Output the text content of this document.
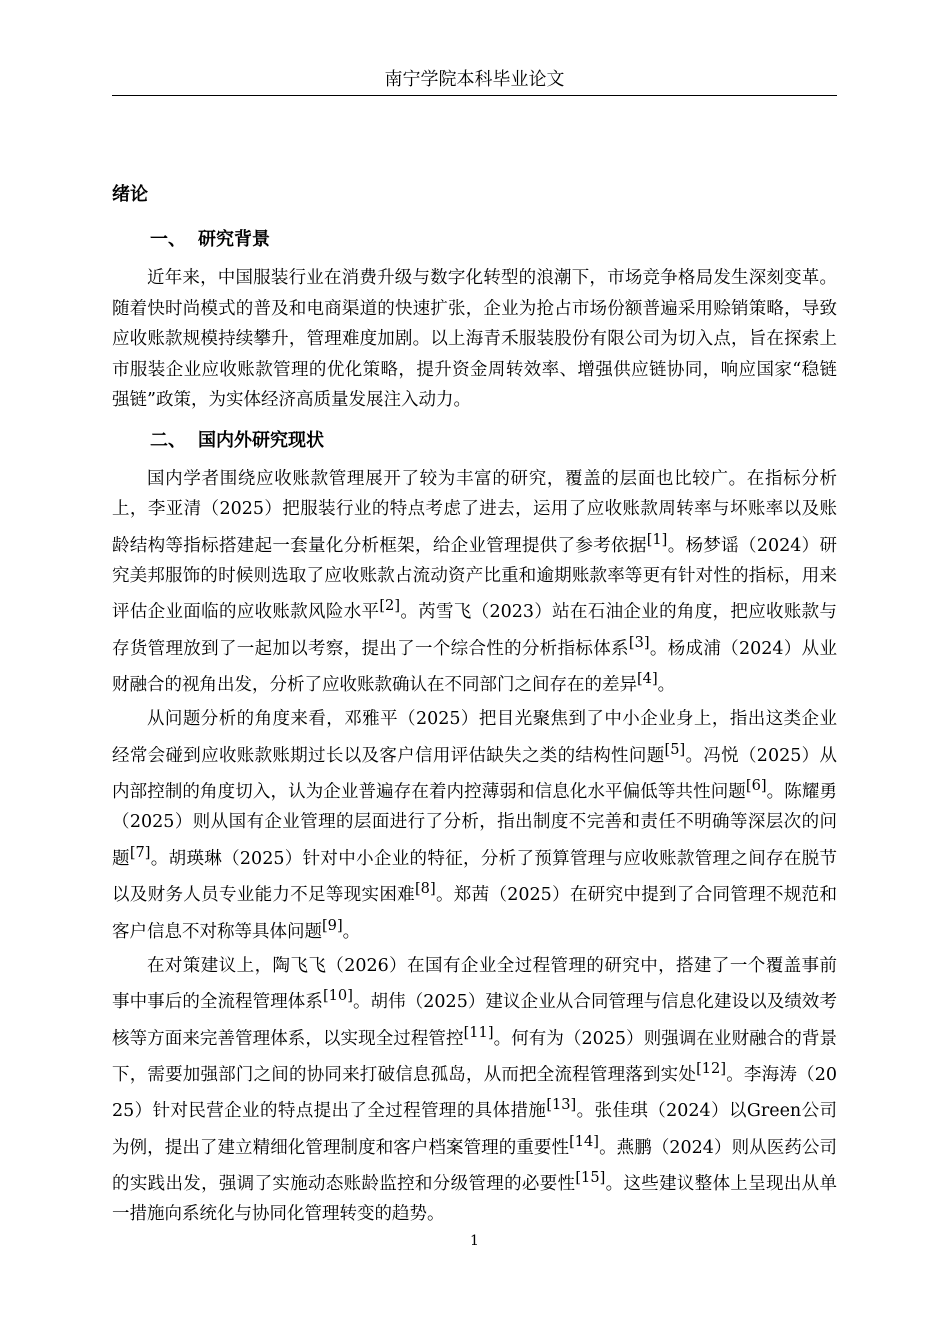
南宁学院本科毕业论文
绪论
一、 研究背景

近年来，中国服装行业在消费升级与数字化转型的浪潮下，市场竞争格局发生深刻变革。随着快时尚模式的普及和电商渠道的快速扩张，企业为抢占市场份额普遍采用赊销策略，导致应收账款规模持续攀升，管理难度加剧。以上海青禾服装股份有限公司为切入点，旨在探索上市服装企业应收账款管理的优化策略，提升资金周转效率、增强供应链协同，响应国家“稳链强链”政策，为实体经济高质量发展注入动力。

二、 国内外研究现状

国内学者围绕应收账款管理展开了较为丰富的研究，覆盖的层面也比较广。在指标分析上，李亚清（2025）把服装行业的特点考虑了进去，运用了应收账款周转率与坏账率以及账龄结构等指标搭建起一套量化分析框架，给企业管理提供了参考依据[1]。杨梦谣（2024）研究美邦服饰的时候则选取了应收账款占流动资产比重和逾期账款率等更有针对性的指标，用来评估企业面临的应收账款风险水平[2]。芮雪飞（2023）站在石油企业的角度，把应收账款与存货管理放到了一起加以考察，提出了一个综合性的分析指标体系[3]。杨成浦（2024）从业财融合的视角出发，分析了应收账款确认在不同部门之间存在的差异[4]。

从问题分析的角度来看，邓雅平（2025）把目光聚焦到了中小企业身上，指出这类企业经常会碰到应收账款账期过长以及客户信用评估缺失之类的结构性问题[5]。冯悦（2025）从内部控制的角度切入，认为企业普遍存在着内控薄弱和信息化水平偏低等共性问题[6]。陈耀勇（2025）则从国有企业管理的层面进行了分析，指出制度不完善和责任不明确等深层次的问题[7]。胡瑛琳（2025）针对中小企业的特征，分析了预算管理与应收账款管理之间存在脱节以及财务人员专业能力不足等现实困难[8]。郑茜（2025）在研究中提到了合同管理不规范和客户信息不对称等具体问题[9]。

在对策建议上，陶飞飞（2026）在国有企业全过程管理的研究中，搭建了一个覆盖事前事中事后的全流程管理体系[10]。胡伟（2025）建议企业从合同管理与信息化建设以及绩效考核等方面来完善管理体系，以实现全过程管控[11]。何有为（2025）则强调在业财融合的背景下，需要加强部门之间的协同来打破信息孤岛，从而把全流程管理落到实处[12]。李海涛（2025）针对民营企业的特点提出了全过程管理的具体措施[13]。张佳琪（2024）以Green公司为例，提出了建立精细化管理制度和客户档案管理的重要性[14]。燕鹏（2024）则从医药公司的实践出发，强调了实施动态账龄监控和分级管理的必要性[15]。这些建议整体上呈现出从单一措施向系统化与协同化管理转变的趋势。

1
